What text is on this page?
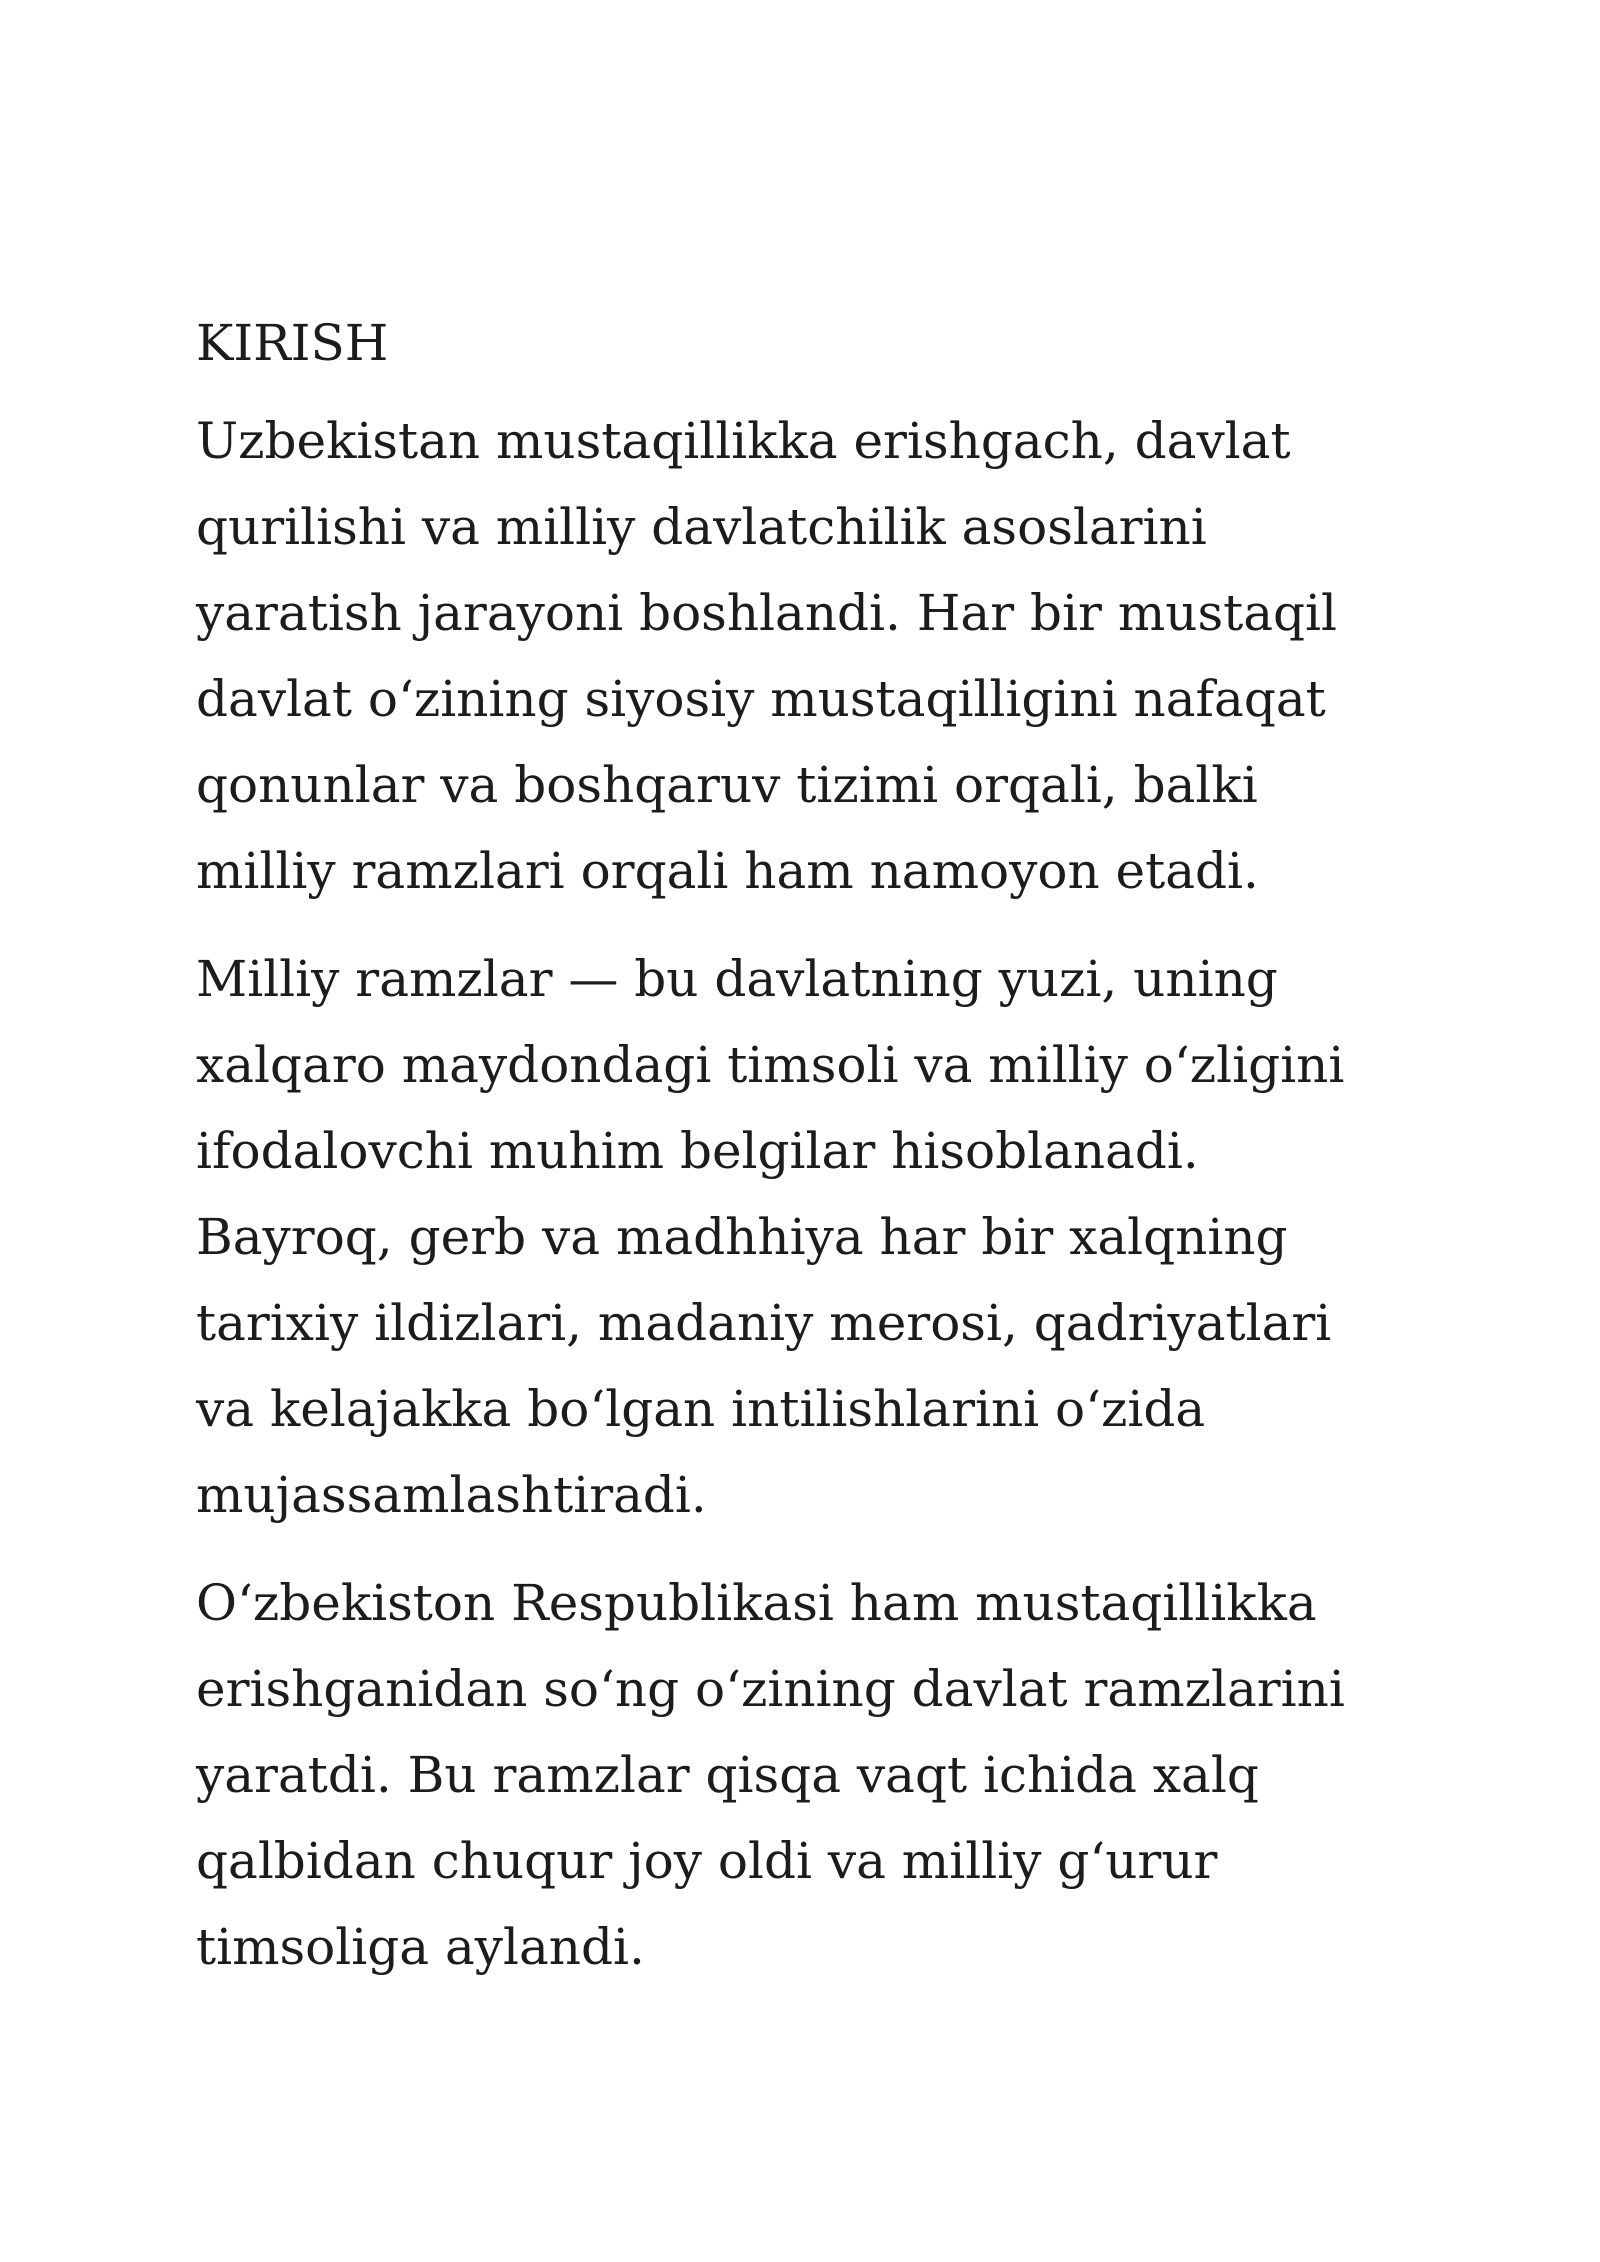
KIRISH

Uzbekistan mustaqillikka erishgach, davlat
qurilishi va milliy davlatchilik asoslarini
yaratish jarayoni boshlandi. Har bir mustaqil
davlat o‘zining siyosiy mustaqilligini nafaqat
qonunlar va boshqaruv tizimi orqali, balki
milliy ramzlari orqali ham namoyon etadi.

Milliy ramzlar — bu davlatning yuzi, uning
xalqaro maydondagi timsoli va milliy o‘zligini
ifodalovchi muhim belgilar hisoblanadi.
Bayroq, gerb va madhhiya har bir xalqning
tarixiy ildizlari, madaniy merosi, qadriyatlari
va kelajakka bo‘lgan intilishlarini o‘zida
mujassamlashtiradi.

O‘zbekiston Respublikasi ham mustaqillikka
erishganidan so‘ng o‘zining davlat ramzlarini
yaratdi. Bu ramzlar qisqa vaqt ichida xalq
qalbidan chuqur joy oldi va milliy g‘urur
timsoliga aylandi.
